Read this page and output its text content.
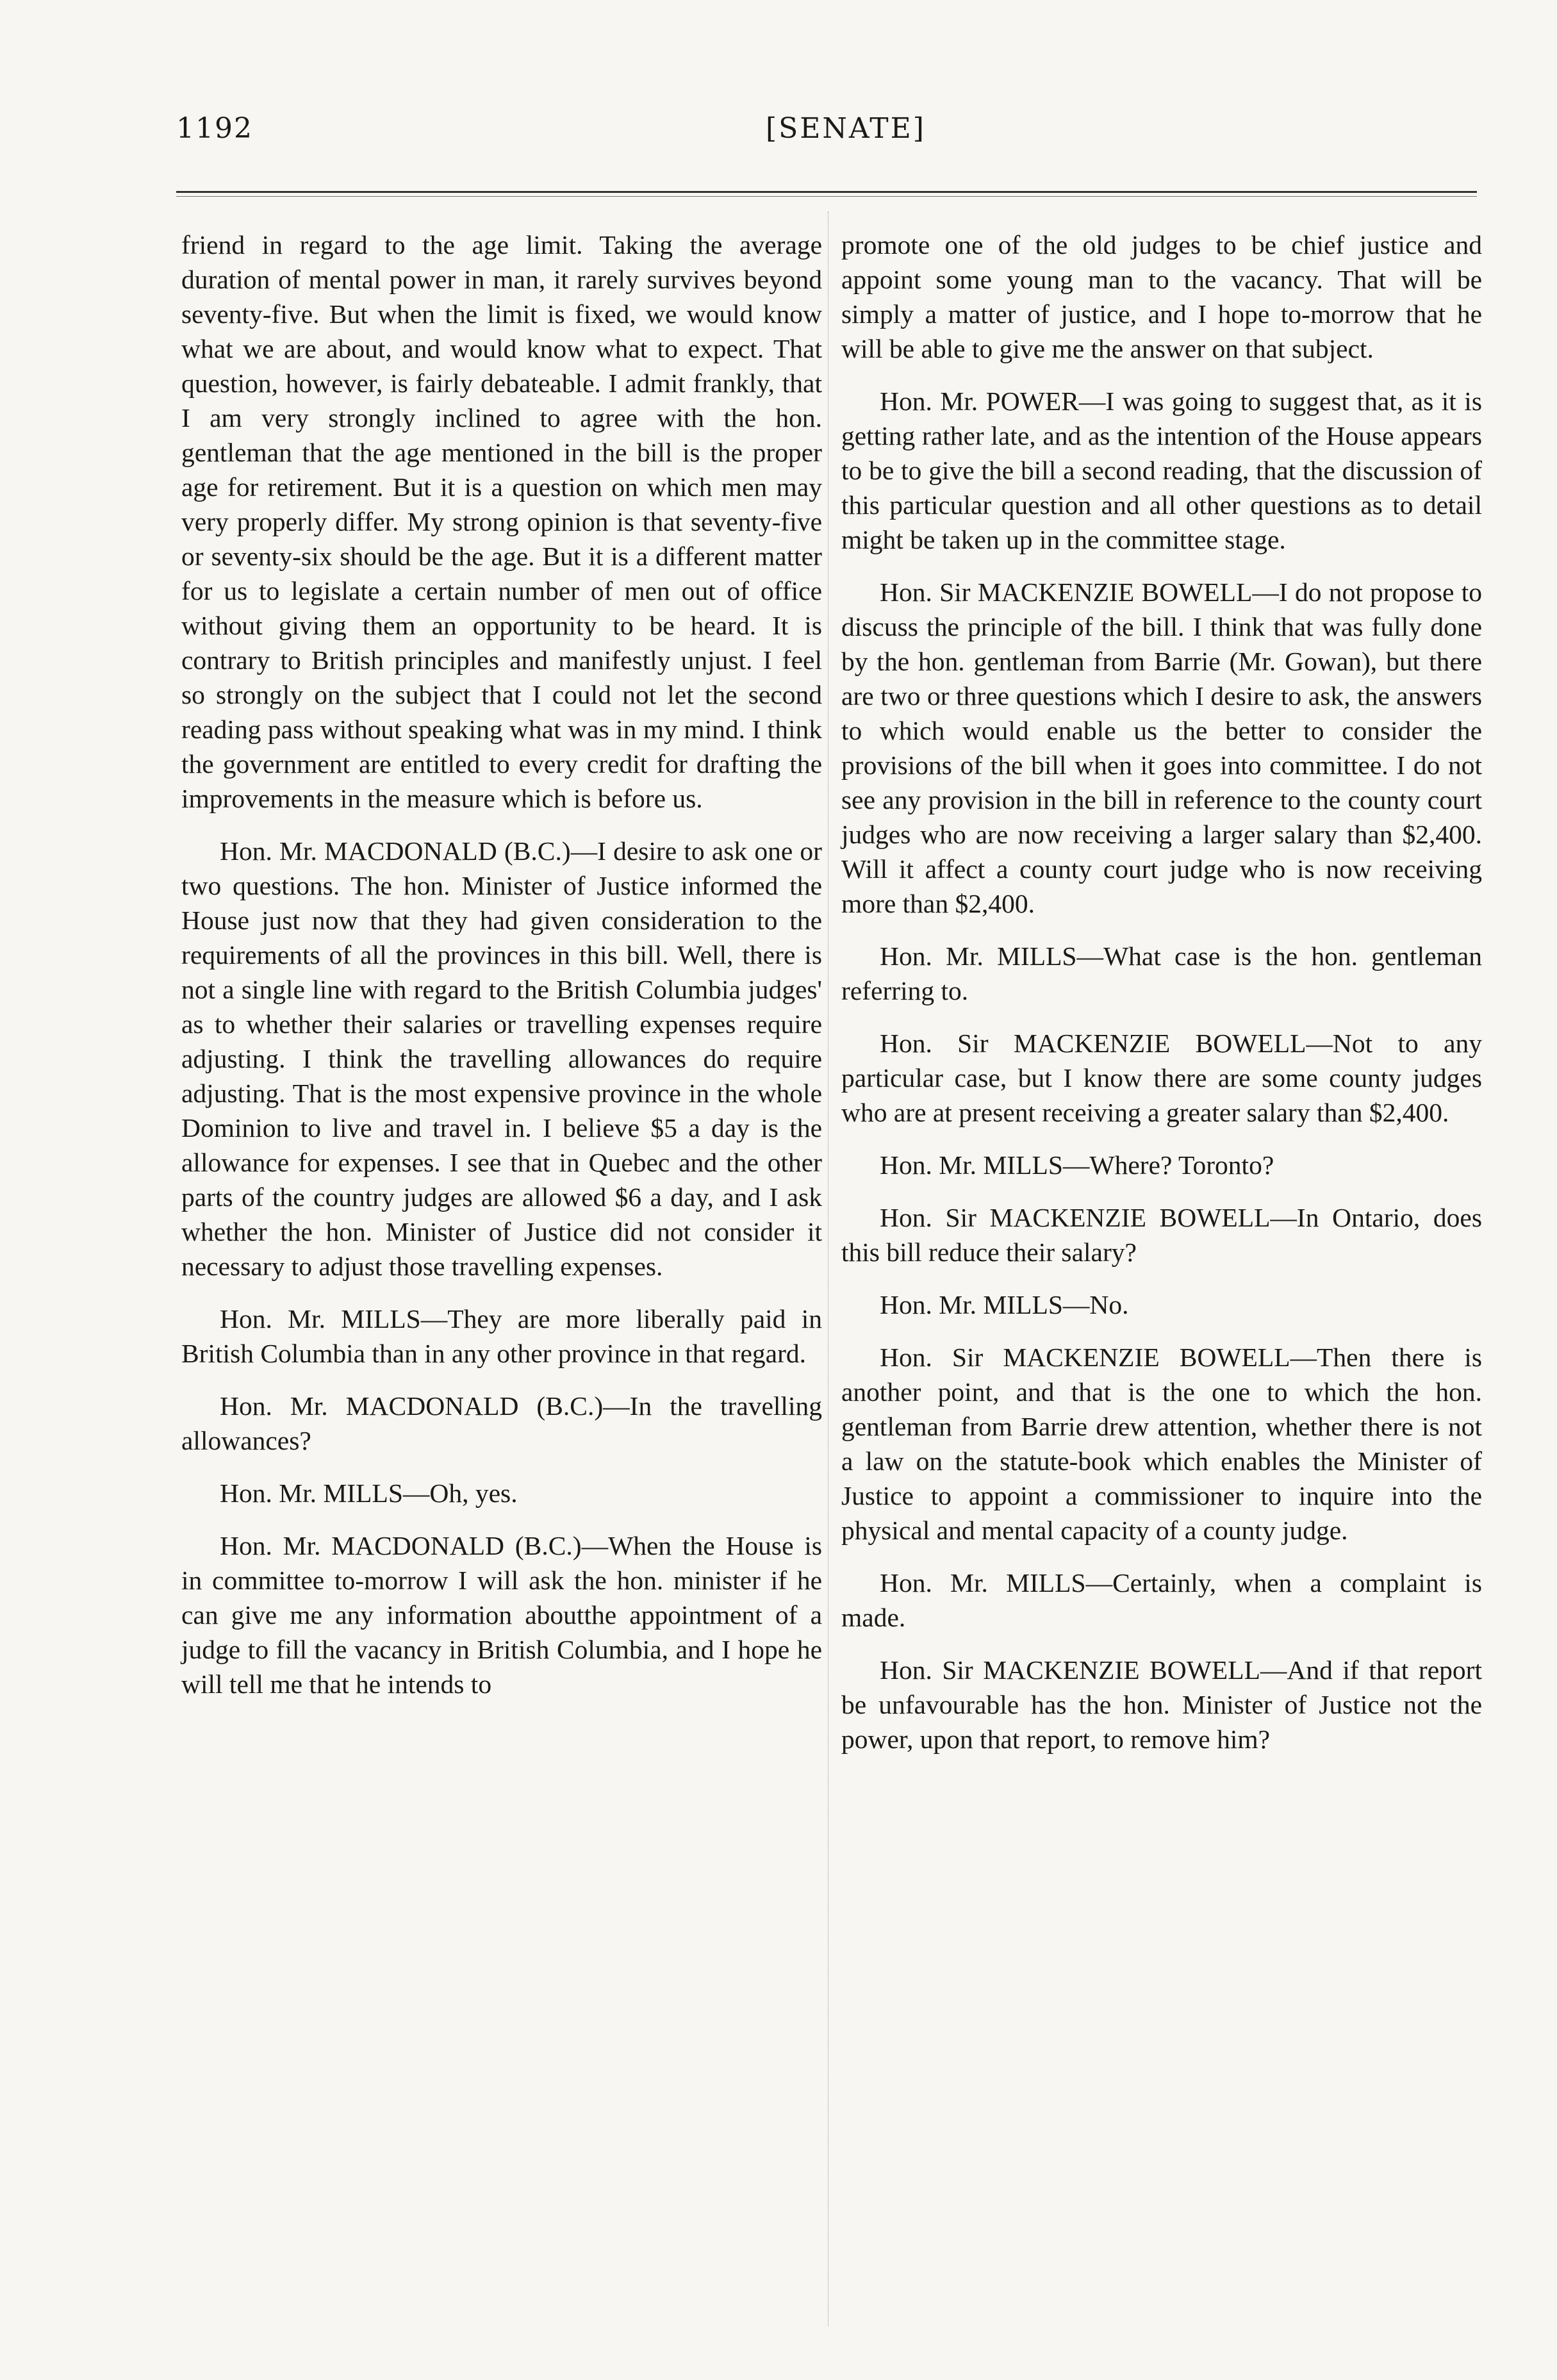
1192	[SENATE]

friend in regard to the age limit. Taking the average duration of mental power in man, it rarely survives beyond seventy-five. But when the limit is fixed, we would know what we are about, and would know what to expect. That question, however, is fairly debateable. I admit frankly, that I am very strongly inclined to agree with the hon. gentleman that the age mentioned in the bill is the proper age for retirement. But it is a question on which men may very properly differ. My strong opinion is that seventy-five or seventy-six should be the age. But it is a different matter for us to legislate a certain number of men out of office without giving them an opportunity to be heard. It is contrary to British principles and manifestly unjust. I feel so strongly on the subject that I could not let the second reading pass without speaking what was in my mind. I think the government are entitled to every credit for drafting the improvements in the measure which is before us.

Hon. Mr. MACDONALD (B.C.)—I desire to ask one or two questions. The hon. Minister of Justice informed the House just now that they had given consideration to the requirements of all the provinces in this bill. Well, there is not a single line with regard to the British Columbia judges' as to whether their salaries or travelling expenses require adjusting. I think the travelling allowances do require adjusting. That is the most expensive province in the whole Dominion to live and travel in. I believe $5 a day is the allowance for expenses. I see that in Quebec and the other parts of the country judges are allowed $6 a day, and I ask whether the hon. Minister of Justice did not consider it necessary to adjust those travelling expenses.

Hon. Mr. MILLS—They are more liberally paid in British Columbia than in any other province in that regard.

Hon. Mr. MACDONALD (B.C.)—In the travelling allowances?

Hon. Mr. MILLS—Oh, yes.

Hon. Mr. MACDONALD (B.C.)—When the House is in committee to-morrow I will ask the hon. minister if he can give me any information aboutthe appointment of a judge to fill the vacancy in British Columbia, and I hope he will tell me that he intends to

promote one of the old judges to be chief justice and appoint some young man to the vacancy. That will be simply a matter of justice, and I hope to-morrow that he will be able to give me the answer on that subject.

Hon. Mr. POWER—I was going to suggest that, as it is getting rather late, and as the intention of the House appears to be to give the bill a second reading, that the discussion of this particular question and all other questions as to detail might be taken up in the committee stage.

Hon. Sir MACKENZIE BOWELL—I do not propose to discuss the principle of the bill. I think that was fully done by the hon. gentleman from Barrie (Mr. Gowan), but there are two or three questions which I desire to ask, the answers to which would enable us the better to consider the provisions of the bill when it goes into committee. I do not see any provision in the bill in reference to the county court judges who are now receiving a larger salary than $2,400. Will it affect a county court judge who is now receiving more than $2,400.

Hon. Mr. MILLS—What case is the hon. gentleman referring to.

Hon. Sir MACKENZIE BOWELL—Not to any particular case, but I know there are some county judges who are at present receiving a greater salary than $2,400.

Hon. Mr. MILLS—Where? Toronto?

Hon. Sir MACKENZIE BOWELL—In Ontario, does this bill reduce their salary?

Hon. Mr. MILLS—No.

Hon. Sir MACKENZIE BOWELL—Then there is another point, and that is the one to which the hon. gentleman from Barrie drew attention, whether there is not a law on the statute-book which enables the Minister of Justice to appoint a commissioner to inquire into the physical and mental capacity of a county judge.

Hon. Mr. MILLS—Certainly, when a complaint is made.

Hon. Sir MACKENZIE BOWELL—And if that report be unfavourable has the hon. Minister of Justice not the power, upon that report, to remove him?
